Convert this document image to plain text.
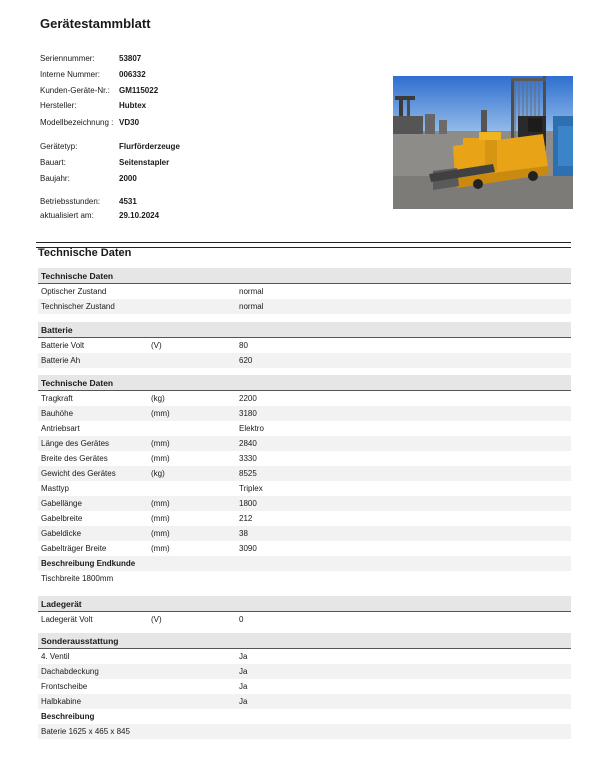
Gerätestammblatt
Seriennummer:	53807
Interne Nummer:	006332
Kunden-Geräte-Nr.:	GM115022
Hersteller:	Hubtex
Modellbezeichnung : VD30
Gerätetyp:	Flurförderzeuge
Bauart:	Seitenstapler
Baujahr:	2000
Betriebsstunden:	4531
aktualisiert am:	29.10.2024
Technische Daten
Technische Daten
Optischer Zustand	normal
Technischer Zustand	normal
Batterie
Batterie Volt	(V)	80
Batterie Ah	620
Technische Daten
Tragkraft	(kg)	2200
Bauhöhe	(mm)	3180
Antriebsart	Elektro
Länge des Gerätes	(mm)	2840
Breite des Gerätes	(mm)	3330
Gewicht des Gerätes	(kg)	8525
Masttyp	Triplex
Gabellänge	(mm)	1800
Gabelbreite	(mm)	212
Gabeldicke	(mm)	38
Gabelträger Breite	(mm)	3090
Beschreibung Endkunde
Tischbreite 1800mm
Ladegerät
Ladegerät Volt	(V)	0
Sonderausstattung
4. Ventil	Ja
Dachabdeckung	Ja
Frontscheibe	Ja
Halbkabine	Ja
Beschreibung
Baterie 1625 x 465 x 845
